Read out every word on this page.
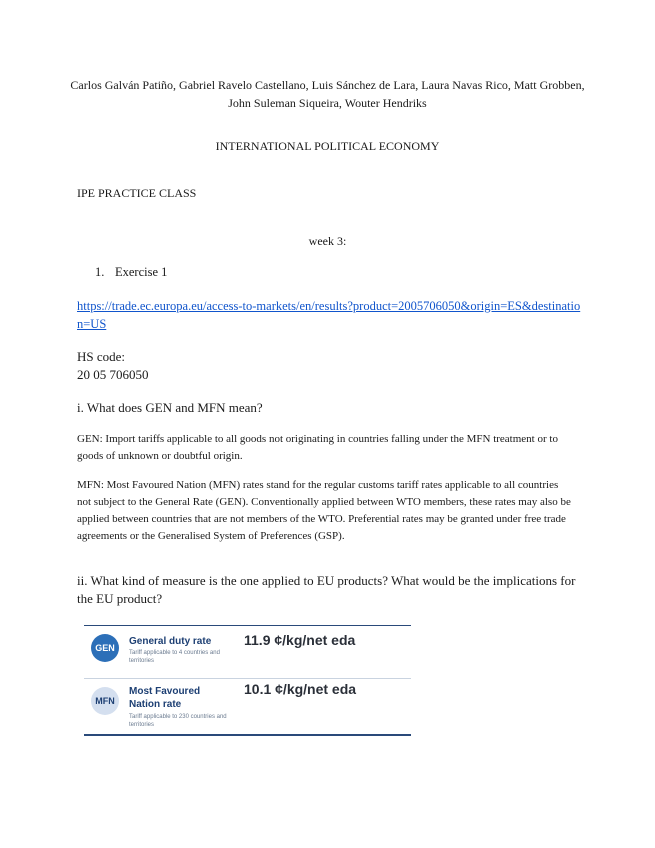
Carlos Galván Patiño, Gabriel Ravelo Castellano, Luis Sánchez de Lara, Laura Navas Rico, Matt Grobben, John Suleman Siqueira, Wouter Hendriks
INTERNATIONAL POLITICAL ECONOMY
IPE PRACTICE CLASS
week 3:
1. Exercise 1
https://trade.ec.europa.eu/access-to-markets/en/results?product=2005706050&origin=ES&destination=US
HS code:
20 05 706050
i. What does GEN and MFN mean?
GEN: Import tariffs applicable to all goods not originating in countries falling under the MFN treatment or to goods of unknown or doubtful origin.
MFN: Most Favoured Nation (MFN) rates stand for the regular customs tariff rates applicable to all countries not subject to the General Rate (GEN). Conventionally applied between WTO members, these rates may also be applied between countries that are not members of the WTO. Preferential rates may be granted under free trade agreements or the Generalised System of Preferences (GSP).
ii. What kind of measure is the one applied to EU products? What would be the implications for the EU product?
GEN
General duty rate
Tariff applicable to 4 countries and territories
11.9 ¢/kg/net eda
MFN
Most Favoured Nation rate
Tariff applicable to 230 countries and territories
10.1 ¢/kg/net eda
